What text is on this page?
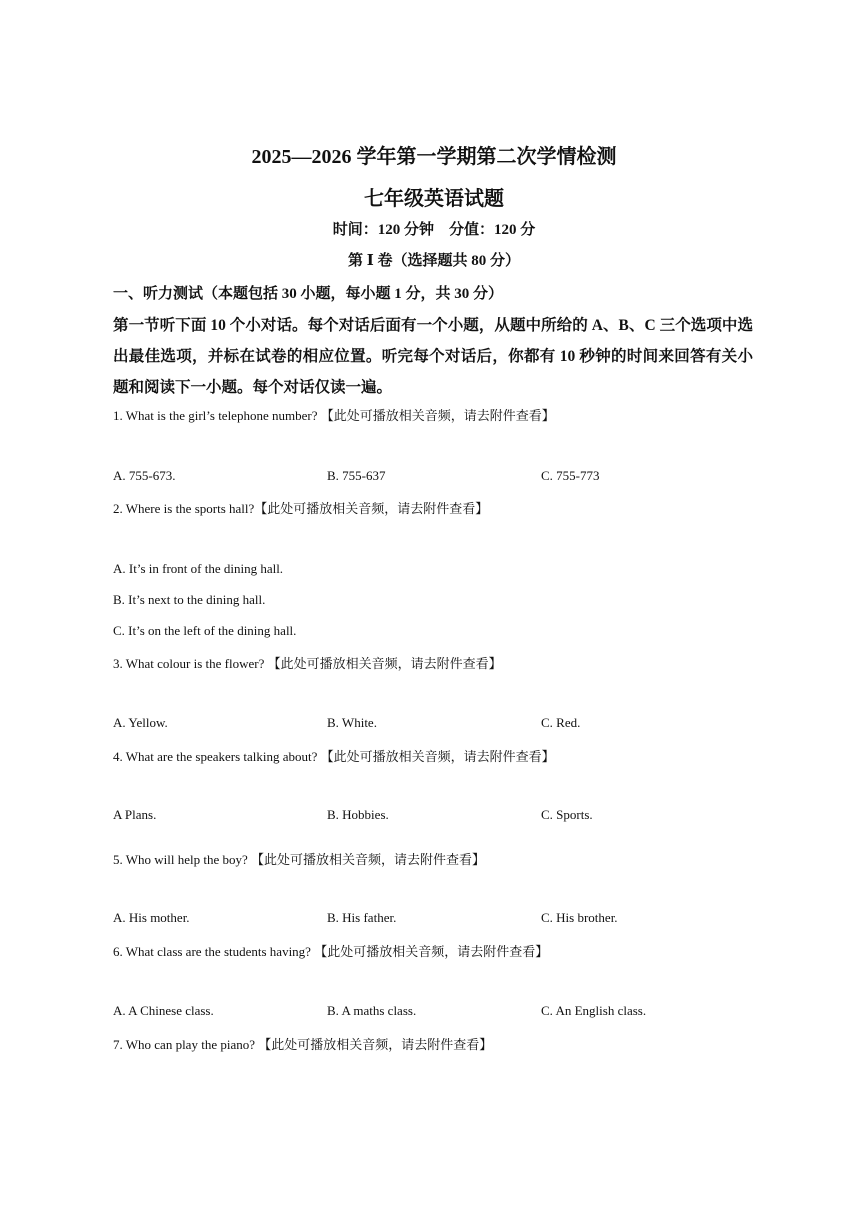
2025—2026 学年第一学期第二次学情检测
七年级英语试题
时间：120 分钟　分值：120 分
第 Ⅰ 卷（选择题共 80 分）
一、听力测试（本题包括 30 小题，每小题 1 分，共 30 分）
第一节听下面 10 个小对话。每个对话后面有一个小题，从题中所给的 A、B、C 三个选项中选出最佳选项，并标在试卷的相应位置。听完每个对话后，你都有 10 秒钟的时间来回答有关小题和阅读下一小题。每个对话仅读一遍。
1. What is the girl’s telephone number? 【此处可播放相关音频，请去附件查看】
A. 755-673.	B. 755-637	C. 755-773
2. Where is the sports hall?【此处可播放相关音频，请去附件查看】
A. It’s in front of the dining hall.
B. It’s next to the dining hall.
C. It’s on the left of the dining hall.
3. What colour is the flower? 【此处可播放相关音频，请去附件查看】
A. Yellow.	B. White.	C. Red.
4. What are the speakers talking about? 【此处可播放相关音频，请去附件查看】
A Plans.	B. Hobbies.	C. Sports.
5. Who will help the boy? 【此处可播放相关音频，请去附件查看】
A. His mother.	B. His father.	C. His brother.
6. What class are the students having? 【此处可播放相关音频，请去附件查看】
A. A Chinese class.	B. A maths class.	C. An English class.
7. Who can play the piano? 【此处可播放相关音频，请去附件查看】
